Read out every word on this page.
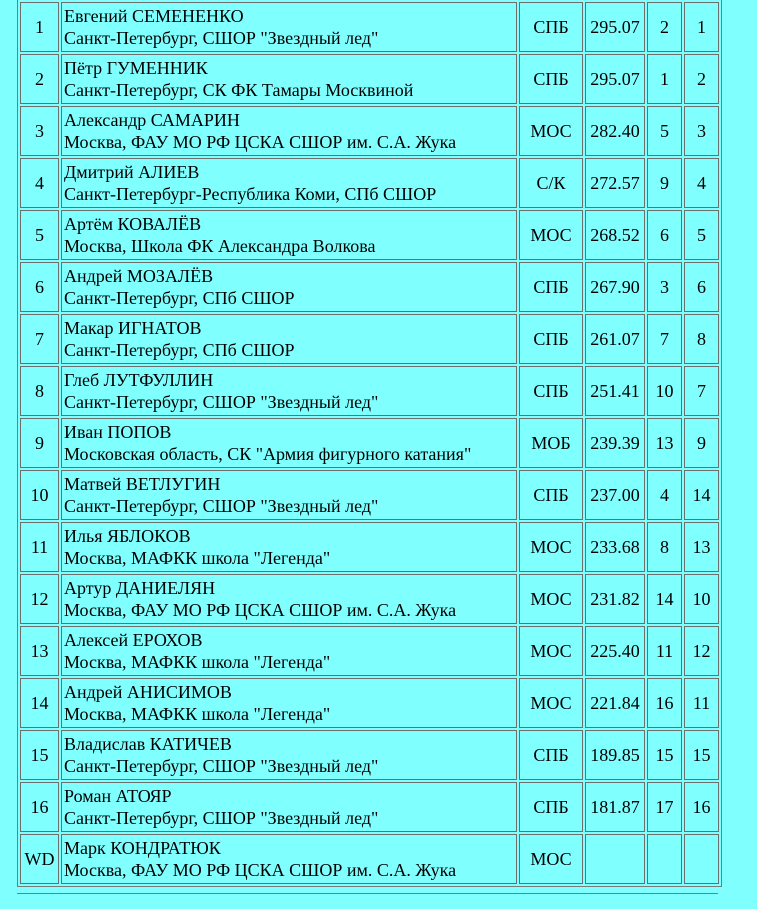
1	Евгений СЕМЕНЕНКО
Санкт-Петербург, СШОР "Звездный лед"	СПБ	295.07	2	1
2	Пётр ГУМЕННИК
Санкт-Петербург, СК ФК Тамары Москвиной	СПБ	295.07	1	2
3	Александр САМАРИН
Москва, ФАУ МО РФ ЦСКА СШОР им. С.А. Жука	МОС	282.40	5	3
4	Дмитрий АЛИЕВ
Санкт-Петербург-Республика Коми, СПб СШОР	С/К	272.57	9	4
5	Артём КОВАЛЁВ
Москва, Школа ФК Александра Волкова	МОС	268.52	6	5
6	Андрей МОЗАЛЁВ
Санкт-Петербург, СПб СШОР	СПБ	267.90	3	6
7	Макар ИГНАТОВ
Санкт-Петербург, СПб СШОР	СПБ	261.07	7	8
8	Глеб ЛУТФУЛЛИН
Санкт-Петербург, СШОР "Звездный лед"	СПБ	251.41	10	7
9	Иван ПОПОВ
Московская область, СК "Армия фигурного катания"	МОБ	239.39	13	9
10	Матвей ВЕТЛУГИН
Санкт-Петербург, СШОР "Звездный лед"	СПБ	237.00	4	14
11	Илья ЯБЛОКОВ
Москва, МАФКК школа "Легенда"	МОС	233.68	8	13
12	Артур ДАНИЕЛЯН
Москва, ФАУ МО РФ ЦСКА СШОР им. С.А. Жука	МОС	231.82	14	10
13	Алексей ЕРОХОВ
Москва, МАФКК школа "Легенда"	МОС	225.40	11	12
14	Андрей АНИСИМОВ
Москва, МАФКК школа "Легенда"	МОС	221.84	16	11
15	Владислав КАТИЧЕВ
Санкт-Петербург, СШОР "Звездный лед"	СПБ	189.85	15	15
16	Роман АТОЯР
Санкт-Петербург, СШОР "Звездный лед"	СПБ	181.87	17	16
WD	Марк КОНДРАТЮК
Москва, ФАУ МО РФ ЦСКА СШОР им. С.А. Жука	МОС			
